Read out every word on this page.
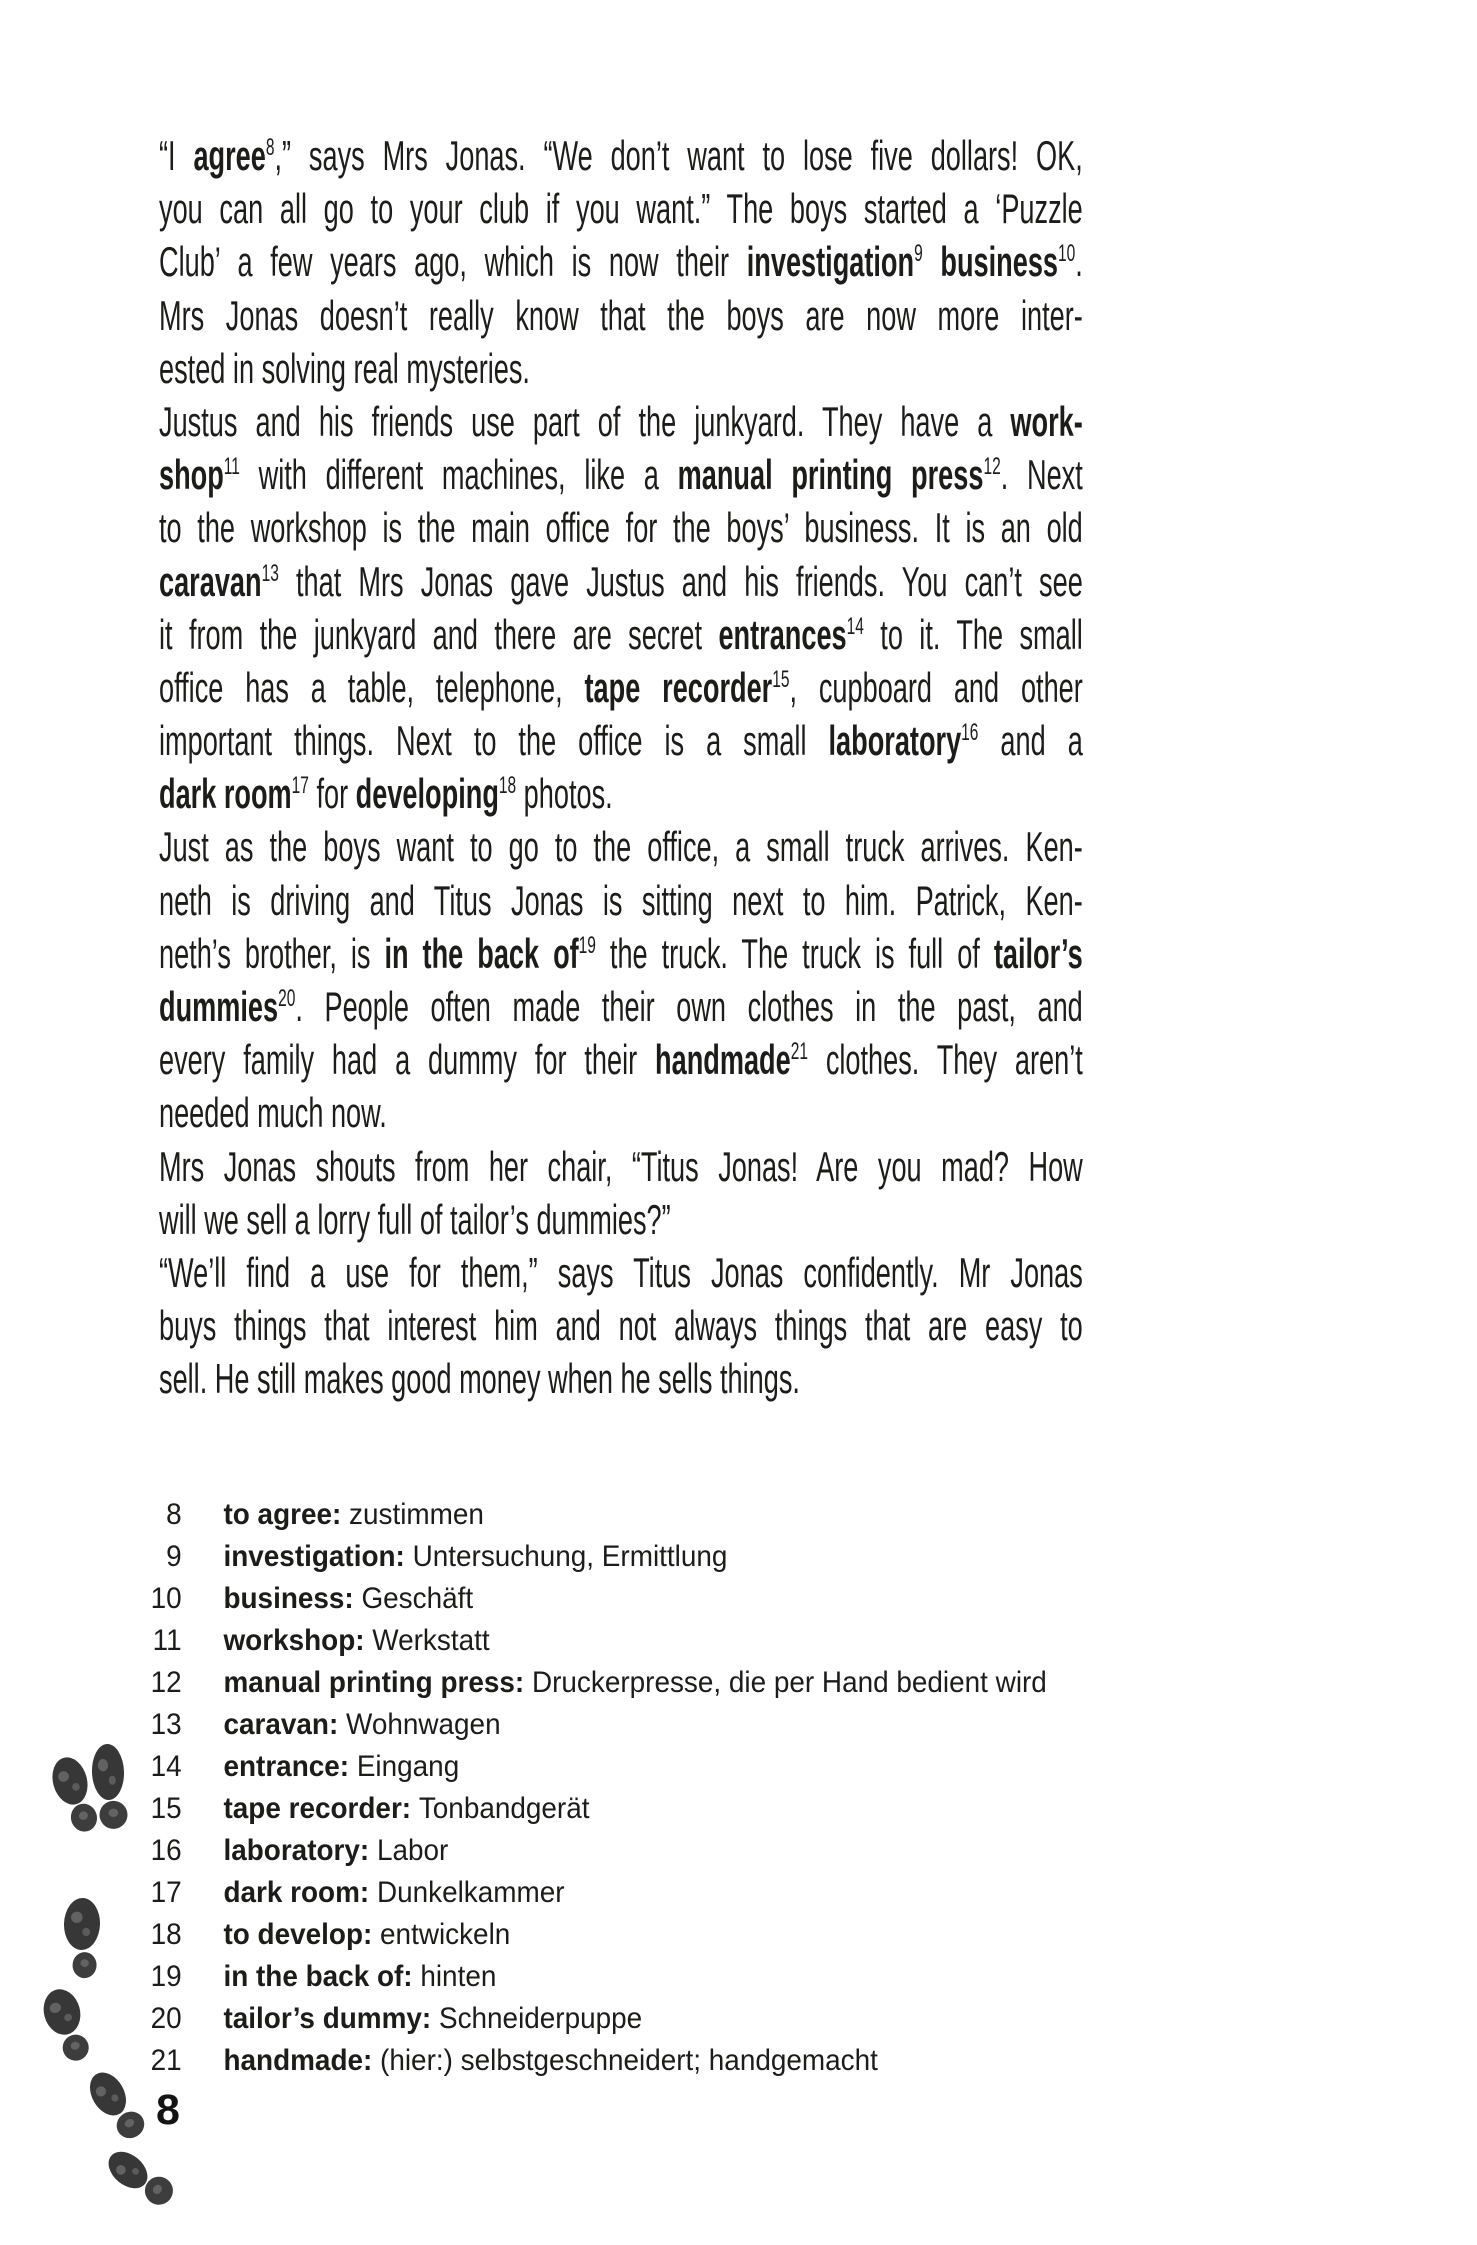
“I agree$^8$,” says Mrs Jonas. “We don’t want to lose five dollars! OK,
you can all go to your club if you want.” The boys started a ‘Puzzle
Club’ a few years ago, which is now their investigation$^9$ business$^{10}$.
Mrs Jonas doesn’t really know that the boys are now more inter-
ested in solving real mysteries.
Justus and his friends use part of the junkyard. They have a work-
shop$^{11}$ with different machines, like a manual printing press$^{12}$. Next
to the workshop is the main office for the boys’ business. It is an old
caravan$^{13}$ that Mrs Jonas gave Justus and his friends. You can’t see
it from the junkyard and there are secret entrances$^{14}$ to it. The small
office has a table, telephone, tape recorder$^{15}$, cupboard and other
important things. Next to the office is a small laboratory$^{16}$ and a
dark room$^{17}$ for developing$^{18}$ photos.
Just as the boys want to go to the office, a small truck arrives. Ken-
neth is driving and Titus Jonas is sitting next to him. Patrick, Ken-
neth’s brother, is in the back $of^{19}$ the truck. The truck is full of tailor’s
dummies$^{20}$. People often made their own clothes in the past, and
every family had a dummy for their handmade$^{21}$ clothes. They aren’t
needed much now.
Mrs Jonas shouts from her chair, “Titus Jonas! Are you mad? How
will we sell a lorry full of tailor’s dummies?”
“We’ll find a use for them,” says Titus Jonas confidently. Mr Jonas
buys things that interest him and not always things that are easy to
sell. He still makes good money when he sells things.
8 to agree: zustimmen
9 investigation: Untersuchung, Ermittlung
10 business: Geschäft
11 workshop: Werkstatt
12 manual printing press: Druckerpresse, die per Hand bedient wird
13 caravan: Wohnwagen
14 entrance: Eingang
15 tape recorder: Tonbandgerät
16 laboratory: Labor
17 dark room: Dunkelkammer
18 to develop: entwickeln
19 in the back of: hinten
20 tailor’s dummy: Schneiderpuppe
21 handmade: (hier:) selbstgeschneidert; handgemacht
8
